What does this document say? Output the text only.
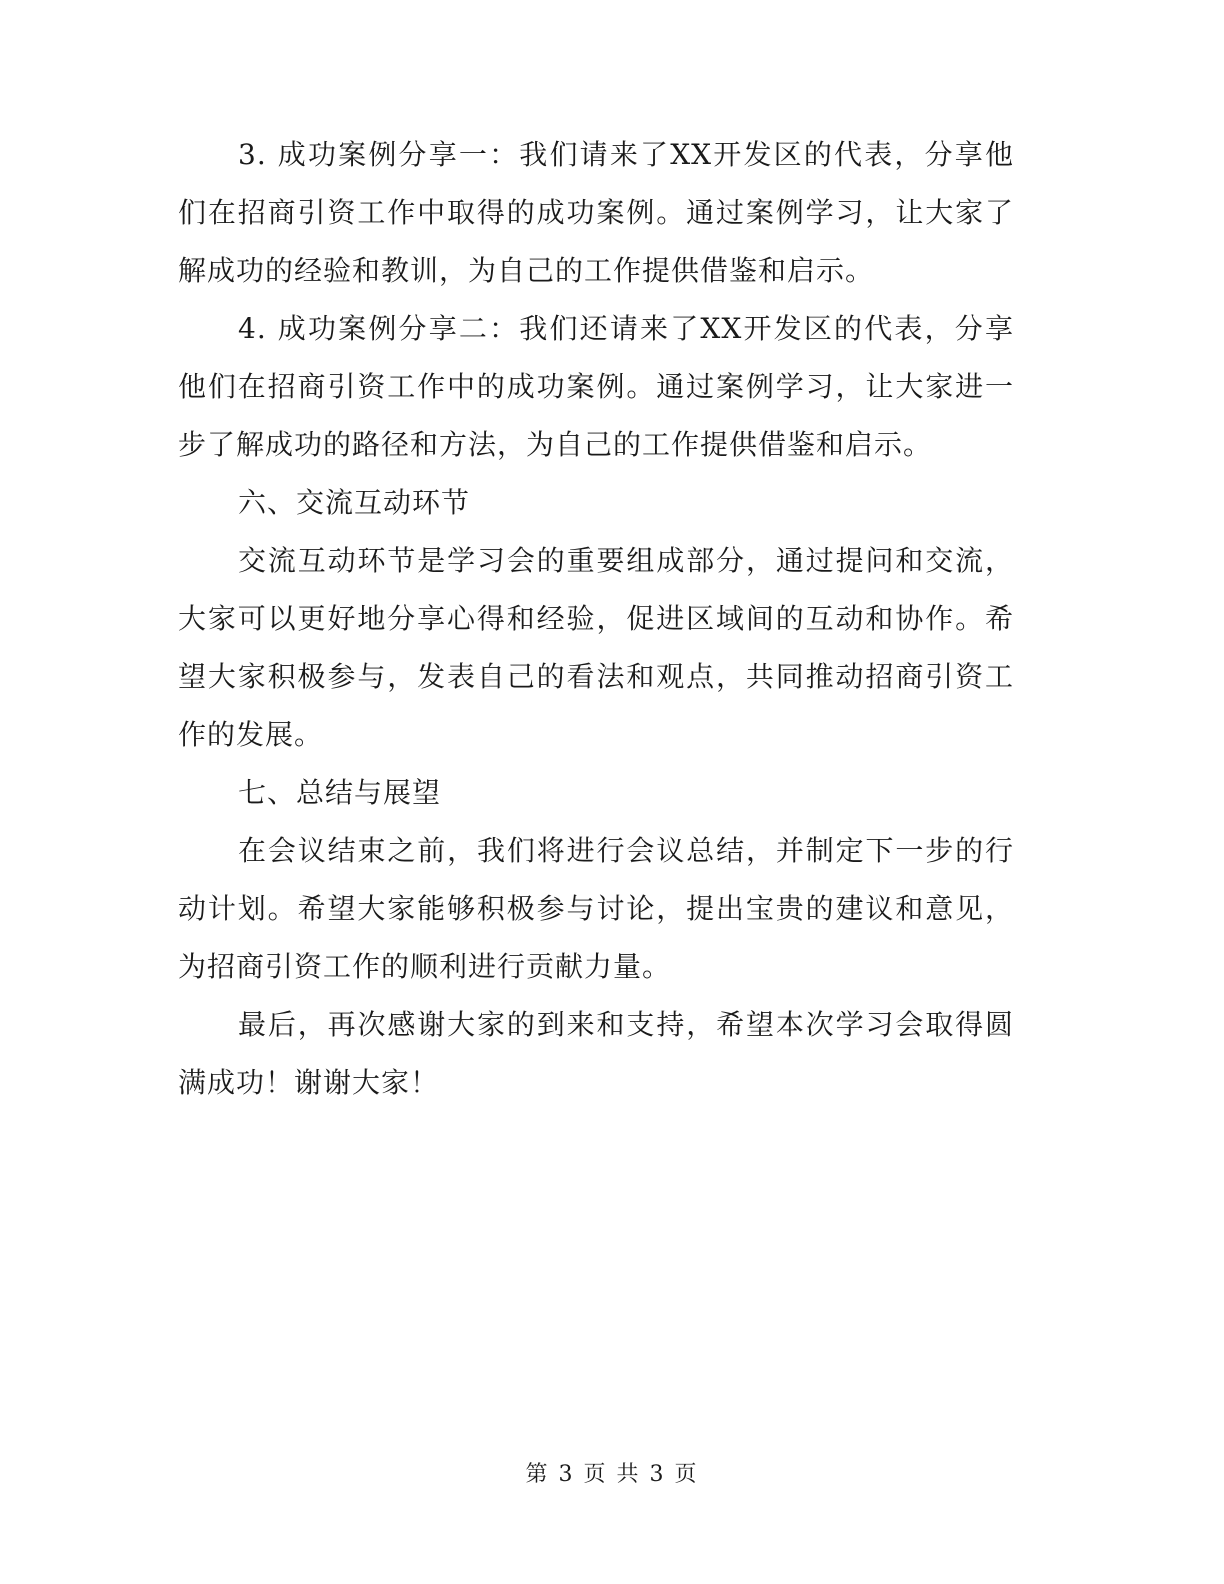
3. 成功案例分享一：我们请来了XX开发区的代表，分享他们在招商引资工作中取得的成功案例。通过案例学习，让大家了解成功的经验和教训，为自己的工作提供借鉴和启示。

4. 成功案例分享二：我们还请来了XX开发区的代表，分享他们在招商引资工作中的成功案例。通过案例学习，让大家进一步了解成功的路径和方法，为自己的工作提供借鉴和启示。

六、交流互动环节

交流互动环节是学习会的重要组成部分，通过提问和交流，大家可以更好地分享心得和经验，促进区域间的互动和协作。希望大家积极参与，发表自己的看法和观点，共同推动招商引资工作的发展。

七、总结与展望

在会议结束之前，我们将进行会议总结，并制定下一步的行动计划。希望大家能够积极参与讨论，提出宝贵的建议和意见，为招商引资工作的顺利进行贡献力量。

最后，再次感谢大家的到来和支持，希望本次学习会取得圆满成功！谢谢大家！

第 3 页 共 3 页
